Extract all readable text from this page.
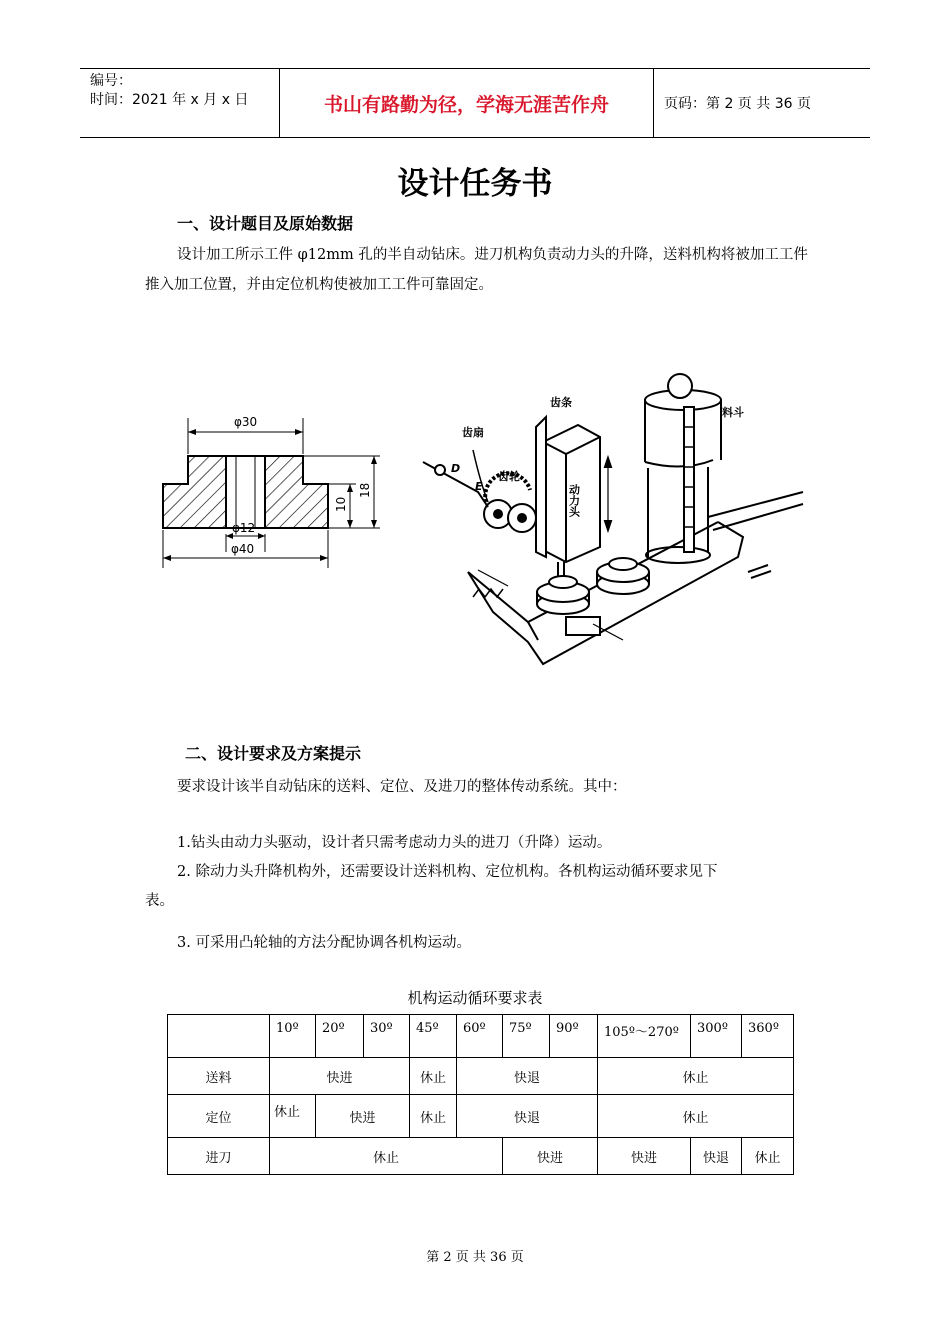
编号：
时间：2021 年 x 月 x 日	书山有路勤为径，学海无涯苦作舟	页码：第 2 页 共 36 页
设计任务书
一、设计题目及原始数据
设计加工所示工件 φ12mm 孔的半自动钻床。进刀机构负责动力头的升降，送料机构将被加工工件推入加工位置，并由定位机构使被加工工件可靠固定。
φ30
φ12
φ40
10
18
齿条
齿扇
齿轮
料斗
D
E	动力头
二、设计要求及方案提示
要求设计该半自动钻床的送料、定位、及进刀的整体传动系统。其中：
1.钻头由动力头驱动，设计者只需考虑动力头的进刀（升降）运动。
2. 除动力头升降机构外，还需要设计送料机构、定位机构。各机构运动循环要求见下
表。
3. 可采用凸轮轴的方法分配协调各机构运动。
机构运动循环要求表
	10º	20º	30º	45º	60º	75º	90º	105º～270º	300º	360º
送料	快进			休止	快退			休止		
定位	休止	快进		休止	快退			休止		
进刀	休止					快进		快进	快退	休止
第 2 页 共 36 页
